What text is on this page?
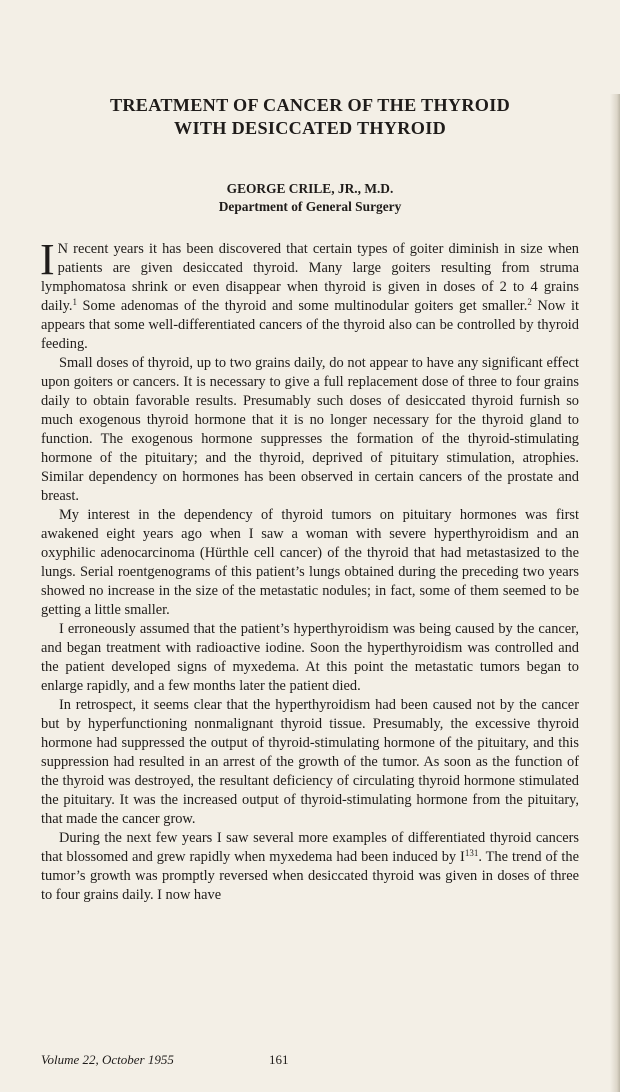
TREATMENT OF CANCER OF THE THYROID
WITH DESICCATED THYROID
GEORGE CRILE, JR., M.D.
Department of General Surgery

I N recent years it has been discovered that certain types of goiter diminish in size when patients are given desiccated thyroid. Many large goiters resulting from struma lymphomatosa shrink or even disappear when thyroid is given in doses of 2 to 4 grains daily.$^1$ Some adenomas of the thyroid and some multinodular goiters get smaller.$^2$ Now it appears that some well-differentiated cancers of the thyroid also can be controlled by thyroid feeding.

Small doses of thyroid, up to two grains daily, do not appear to have any significant effect upon goiters or cancers. It is necessary to give a full replacement dose of three to four grains daily to obtain favorable results. Presumably such doses of desiccated thyroid furnish so much exogenous thyroid hormone that it is no longer necessary for the thyroid gland to function. The exogenous hormone suppresses the formation of the thyroid-stimulating hormone of the pituitary; and the thyroid, deprived of pituitary stimulation, atrophies. Similar dependency on hormones has been observed in certain cancers of the prostate and breast.

My interest in the dependency of thyroid tumors on pituitary hormones was first awakened eight years ago when I saw a woman with severe hyperthyroidism and an oxyphilic adenocarcinoma (Hürthle cell cancer) of the thyroid that had metastasized to the lungs. Serial roentgenograms of this patient’s lungs obtained during the preceding two years showed no increase in the size of the metastatic nodules; in fact, some of them seemed to be getting a little smaller.

I erroneously assumed that the patient’s hyperthyroidism was being caused by the cancer, and began treatment with radioactive iodine. Soon the hyperthyroidism was controlled and the patient developed signs of myxedema. At this point the metastatic tumors began to enlarge rapidly, and a few months later the patient died.

In retrospect, it seems clear that the hyperthyroidism had been caused not by the cancer but by hyperfunctioning nonmalignant thyroid tissue. Presumably, the excessive thyroid hormone had suppressed the output of thyroid-stimulating hormone of the pituitary, and this suppression had resulted in an arrest of the growth of the tumor. As soon as the function of the thyroid was destroyed, the resultant deficiency of circulating thyroid hormone stimulated the pituitary. It was the increased output of thyroid-stimulating hormone from the pituitary, that made the cancer grow.

During the next few years I saw several more examples of differentiated thyroid cancers that blossomed and grew rapidly when myxedema had been induced by $I^{131}$. The trend of the tumor’s growth was promptly reversed when desiccated thyroid was given in doses of three to four grains daily. I now have

Volume 22, October 1955	161
